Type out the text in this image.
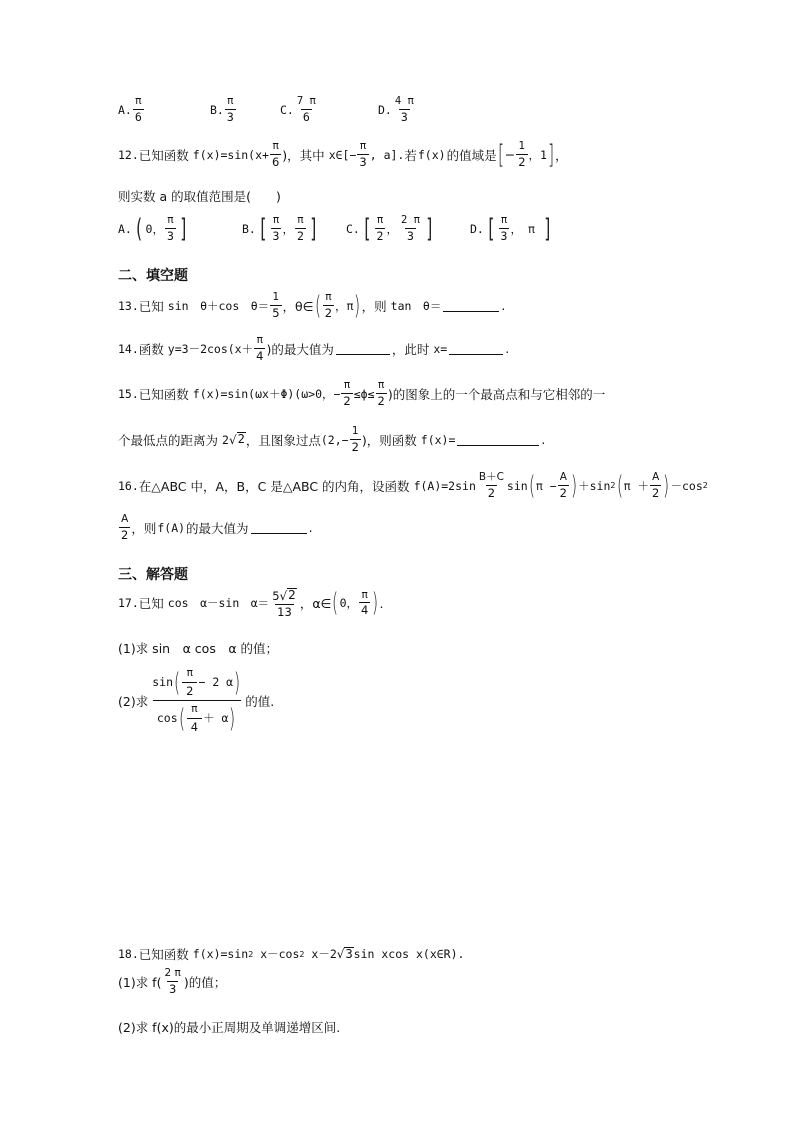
A. $\frac{\pi}{6}$	B. $\frac{\pi}{3}$	C. $\frac{7 \pi}{6}$	D. $\frac{4 \pi}{3}$
12. 已知函数 $f(x)=\sin(x+ \frac{\pi}{6}$ )，其中 x∈[− $\frac{\pi}{3}$ , a]. 若 f(x) 的值域是 [ − $\frac{1}{2}$ ，1 ] ，
则实数 a 的取值范围是(　　)
A. ( 0， $\frac{\pi}{3}$ ]	B. [ $\frac{\pi}{3}$ ， $\frac{\pi}{2}$ ] C. [ $\frac{\pi}{2}$ ， $\frac{2 \pi}{3}$ ]	D. [ $\frac{\pi}{3}$ ， π ]
二、填空题
13. 已知 sin　θ＋cos　$\theta= \frac{1}{5}$ ，θ∈ ( $\frac{\pi}{2}$ ，π ) ，则 tan　θ＝	.
14. 函数 $y=3-2\cos(x+ \frac{\pi}{4}$ )的最大值为	，此时 x=	.
15. 已知函数 f(x)=sin(ωx＋Φ)(ω>0，− $\frac{\pi}{2} \le\phi\le \frac{\pi}{2}$ )的图象上的一个最高点和与它相邻的一
个最低点的距离为 2 √ 2 ，且图象过点 ($2,- \frac{1}{2}$ )，则函数 f(x)=	.
16. 在△ABC 中，A，B，C 是△ABC 的内角，设函数 $f(A)=2\sin \frac{B+C}{2}$ sin ( $\pi - \frac{A}{2}$ ) ＋sin 2 ( $\pi + \frac{A}{2}$ ) －cos 2
$\frac{A}{2}$ ，则 f(A) 的最大值为	.
三、解答题
17. 已知 cos　α－sin　$\alpha= \frac{5 √ 2}{13}$ ，α∈ ( 0， $\frac{\pi}{4}$ ) .
(1)求 sin　α cos　α 的值；
(2)求 $\frac{\sin ( \frac{\pi}{2} - 2 \alpha )}{\cos ( \frac{\pi}{4} + \alpha )}$ 的值.
18. 已知函数 f(x)=sin 2 x－cos 2 x－2 √ 3 sin xcos x(x∈R).
(1)求 $f( \frac{2 \pi}{3}$ )的值；
(2)求 f(x)的最小正周期及单调递增区间.
